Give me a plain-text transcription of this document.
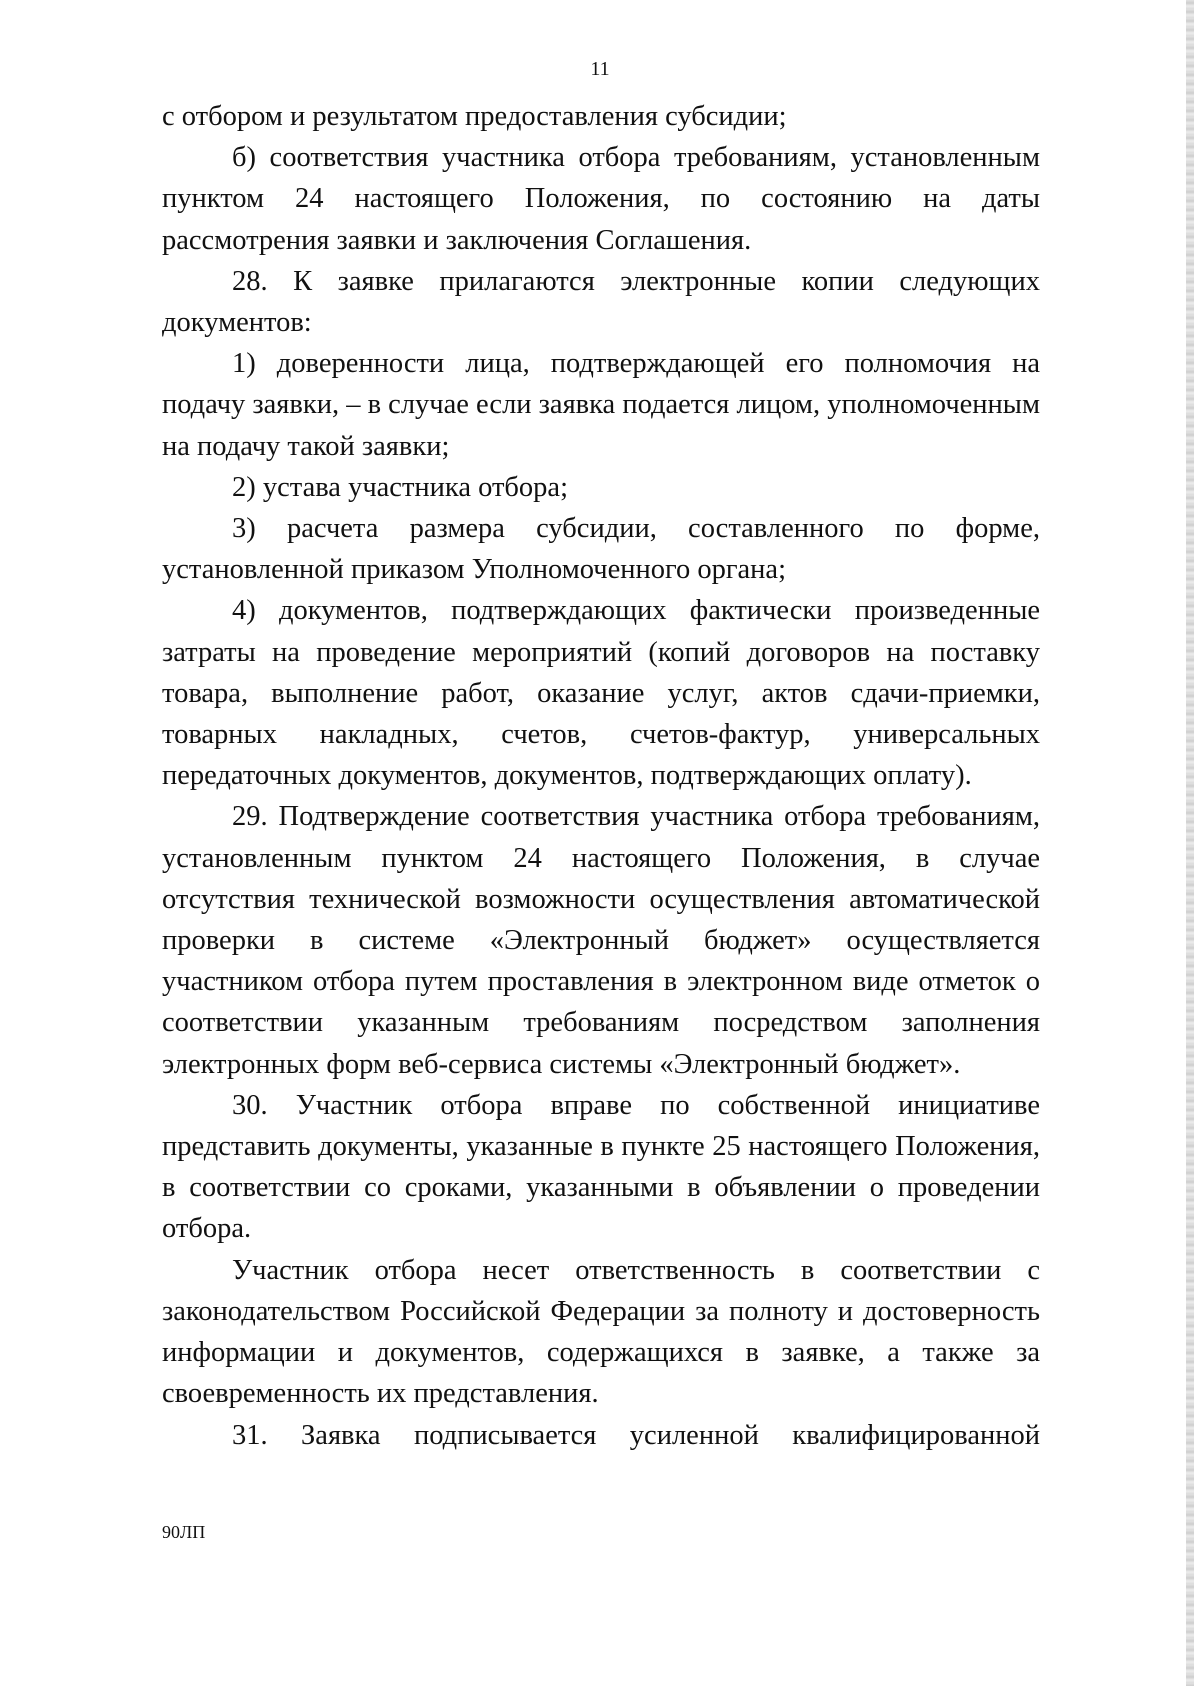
11

с отбором и результатом предоставления субсидии;

б) соответствия участника отбора требованиям, установленным пунктом 24 настоящего Положения, по состоянию на даты рассмотрения заявки и заключения Соглашения.

28. К заявке прилагаются электронные копии следующих документов:

1) доверенности лица, подтверждающей его полномочия на подачу заявки, – в случае если заявка подается лицом, уполномоченным на подачу такой заявки;

2) устава участника отбора;

3) расчета размера субсидии, составленного по форме, установленной приказом Уполномоченного органа;

4) документов, подтверждающих фактически произведенные затраты на проведение мероприятий (копий договоров на поставку товара, выполнение работ, оказание услуг, актов сдачи-приемки, товарных накладных, счетов, счетов-фактур, универсальных передаточных документов, документов, подтверждающих оплату).

29. Подтверждение соответствия участника отбора требованиям, установленным пунктом 24 настоящего Положения, в случае отсутствия технической возможности осуществления автоматической проверки в системе «Электронный бюджет» осуществляется участником отбора путем проставления в электронном виде отметок о соответствии указанным требованиям посредством заполнения электронных форм веб-сервиса системы «Электронный бюджет».

30. Участник отбора вправе по собственной инициативе представить документы, указанные в пункте 25 настоящего Положения, в соответствии со сроками, указанными в объявлении о проведении отбора.

Участник отбора несет ответственность в соответствии с законодательством Российской Федерации за полноту и достоверность информации и документов, содержащихся в заявке, а также за своевременность их представления.

31. Заявка подписывается усиленной квалифицированной

90ЛП
